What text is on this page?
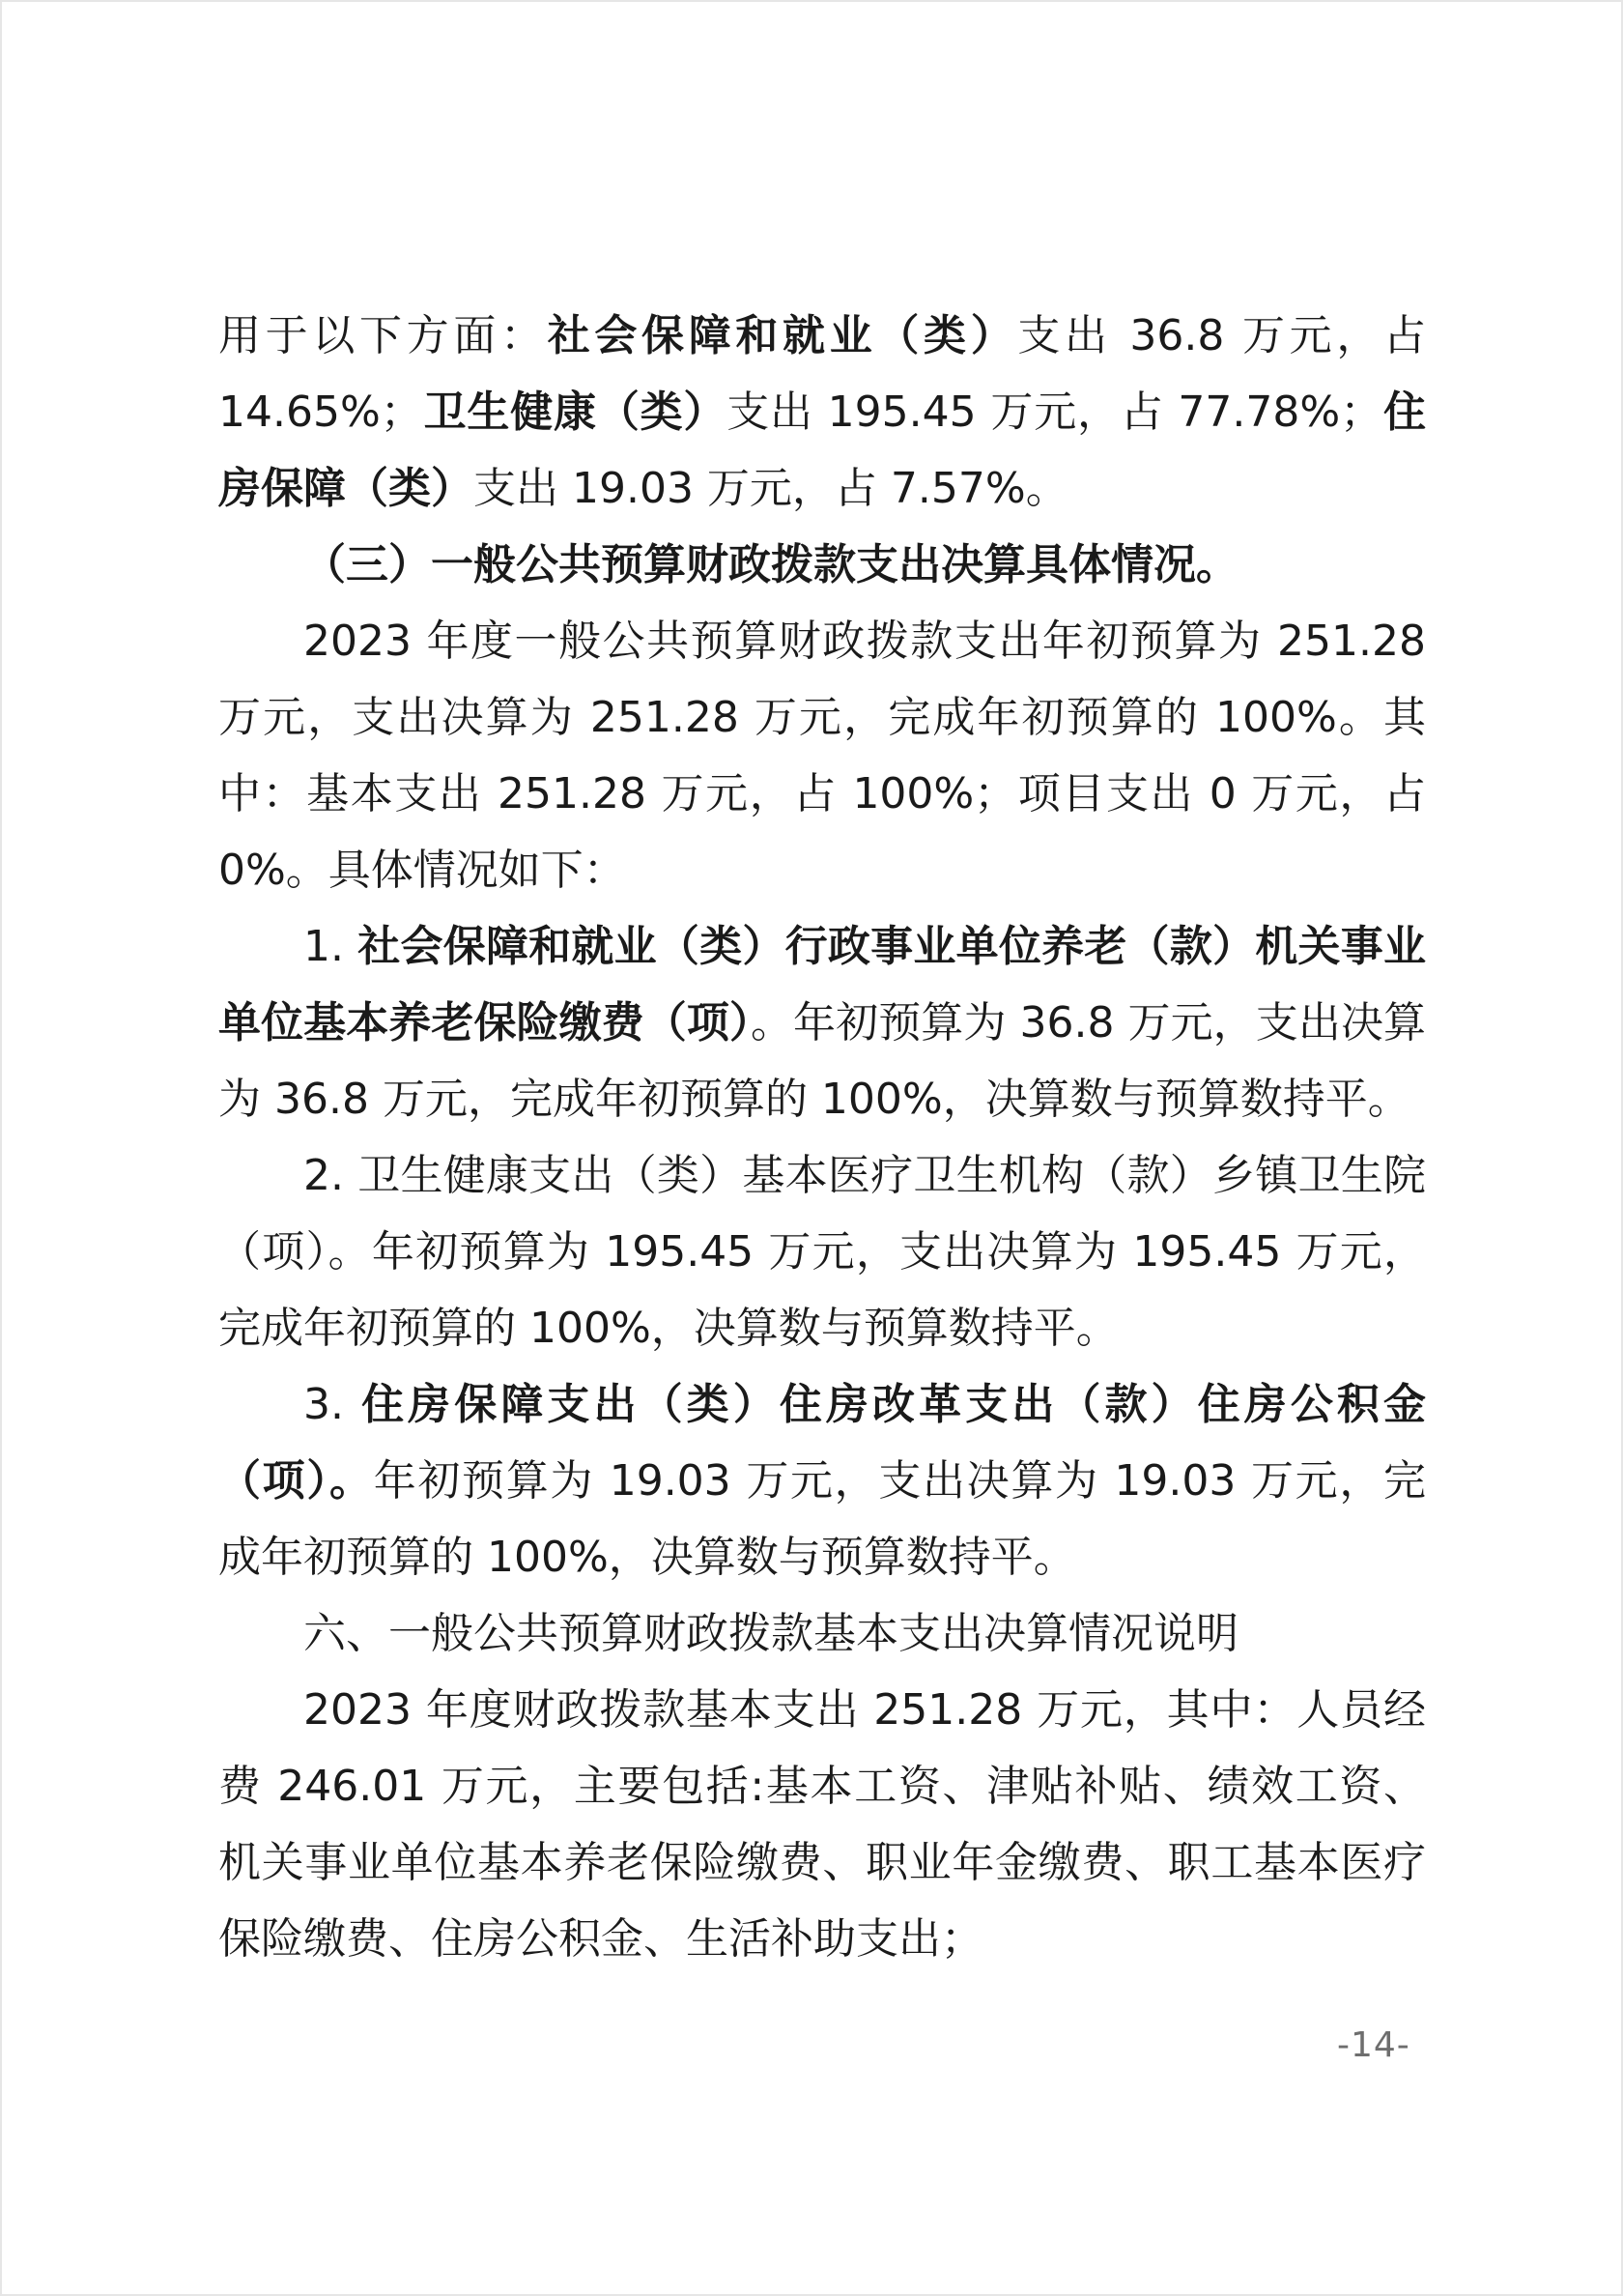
用于以下方面：社会保障和就业（类）支出 36.8 万元，占 14.65%；卫生健康（类）支出 195.45 万元，占 77.78%；住房保障（类）支出 19.03 万元，占 7.57%。

（三）一般公共预算财政拨款支出决算具体情况。

2023 年度一般公共预算财政拨款支出年初预算为 251.28 万元，支出决算为 251.28 万元，完成年初预算的 100%。其中：基本支出 251.28 万元，占 100%；项目支出 0 万元，占 0%。具体情况如下：

1. 社会保障和就业（类）行政事业单位养老（款）机关事业单位基本养老保险缴费（项）。年初预算为 36.8 万元，支出决算为 36.8 万元，完成年初预算的 100%，决算数与预算数持平。

2. 卫生健康支出（类）基本医疗卫生机构（款）乡镇卫生院（项）。年初预算为 195.45 万元，支出决算为 195.45 万元，完成年初预算的 100%，决算数与预算数持平。

3. 住房保障支出（类）住房改革支出（款）住房公积金（项）。年初预算为 19.03 万元，支出决算为 19.03 万元，完成年初预算的 100%，决算数与预算数持平。

六、一般公共预算财政拨款基本支出决算情况说明

2023 年度财政拨款基本支出 251.28 万元，其中：人员经费 246.01 万元，主要包括:基本工资、津贴补贴、绩效工资、机关事业单位基本养老保险缴费、职业年金缴费、职工基本医疗保险缴费、住房公积金、生活补助支出；

-14-
